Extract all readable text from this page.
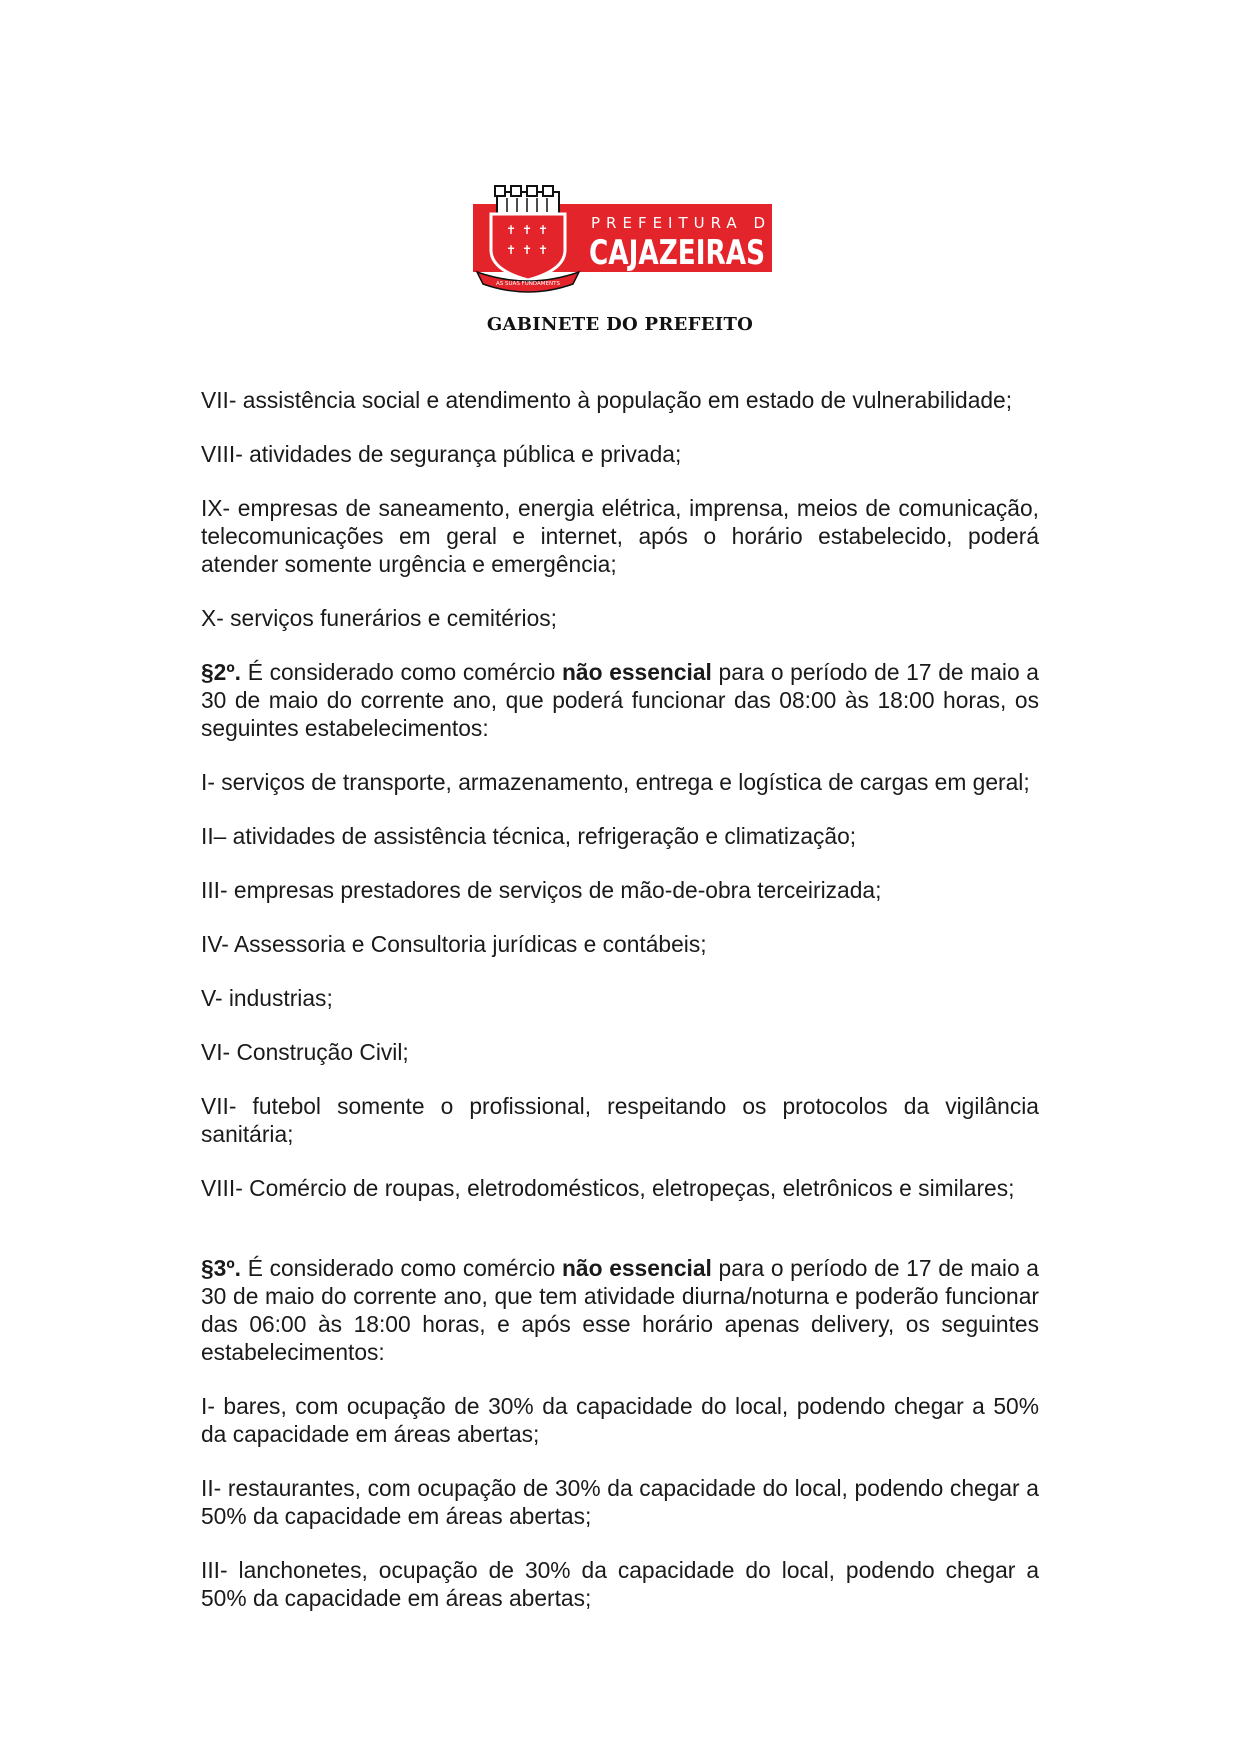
✝ ✝ ✝
✝ ✝ ✝
AS SUAS FUNDAMENTS
PREFEITURA DE
CAJAZEIRAS
GABINETE DO PREFEITO

VII- assistência social e atendimento à população em estado de vulnerabilidade;

VIII- atividades de segurança pública e privada;

IX- empresas de saneamento, energia elétrica, imprensa, meios de comunicação, telecomunicações em geral e internet, após o horário estabelecido, poderá atender somente urgência e emergência;

X- serviços funerários e cemitérios;

§2º. É considerado como comércio não essencial para o período de 17 de maio a 30 de maio do corrente ano, que poderá funcionar das 08:00 às 18:00 horas, os seguintes estabelecimentos:

I- serviços de transporte, armazenamento, entrega e logística de cargas em geral;

II– atividades de assistência técnica, refrigeração e climatização;

III- empresas prestadores de serviços de mão-de-obra terceirizada;

IV- Assessoria e Consultoria jurídicas e contábeis;

V- industrias;

VI- Construção Civil;

VII- futebol somente o profissional, respeitando os protocolos da vigilância sanitária;

VIII- Comércio de roupas, eletrodomésticos, eletropeças, eletrônicos e similares;

§3º. É considerado como comércio não essencial para o período de 17 de maio a 30 de maio do corrente ano, que tem atividade diurna/noturna e poderão funcionar das 06:00 às 18:00 horas, e após esse horário apenas delivery, os seguintes estabelecimentos:

I- bares, com ocupação de 30% da capacidade do local, podendo chegar a 50% da capacidade em áreas abertas;

II- restaurantes, com ocupação de 30% da capacidade do local, podendo chegar a 50% da capacidade em áreas abertas;

III- lanchonetes, ocupação de 30% da capacidade do local, podendo chegar a 50% da capacidade em áreas abertas;
